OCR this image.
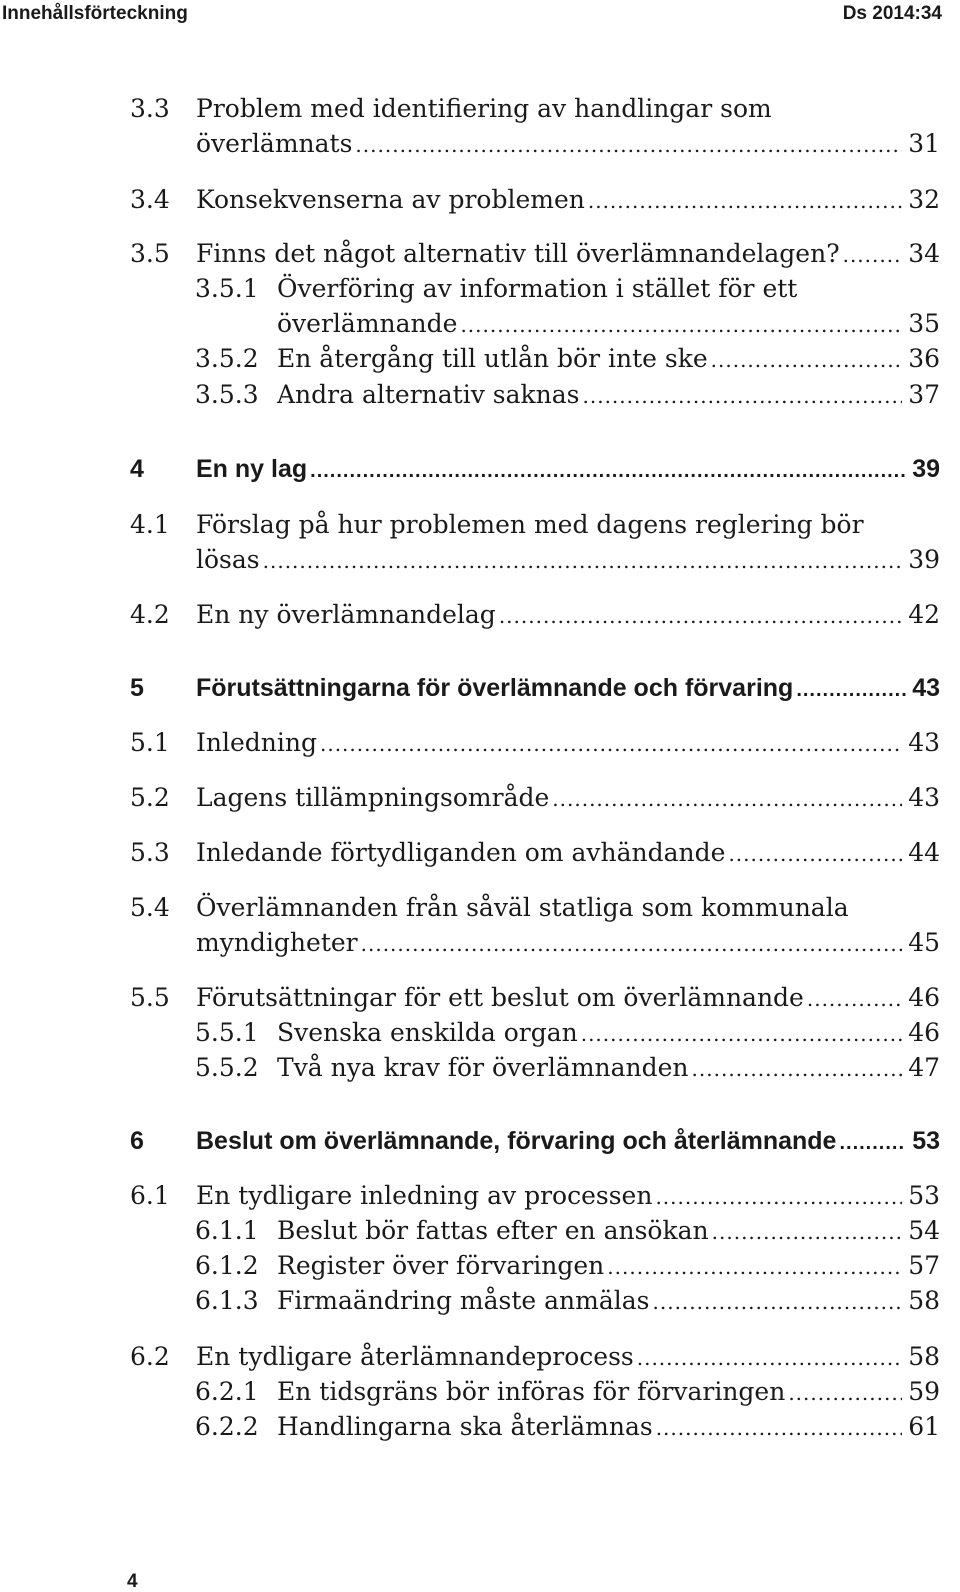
Innehållsförteckning	Ds 2014:34
3.3 Problem med identifiering av handlingar som
överlämnats .....	31
3.4 Konsekvenserna av problemen .....	32
3.5 Finns det något alternativ till överlämnandelagen? .....	34
3.5.1 Överföring av information i stället för ett
överlämnande .....	35
3.5.2 En återgång till utlån bör inte ske .....	36
3.5.3 Andra alternativ saknas .....	37
4 En ny lag .....	39
4.1 Förslag på hur problemen med dagens reglering bör
lösas .....	39
4.2 En ny överlämnandelag .....	42
5 Förutsättningarna för överlämnande och förvaring .....	43
5.1 Inledning .....	43
5.2 Lagens tillämpningsområde .....	43
5.3 Inledande förtydliganden om avhändande .....	44
5.4 Överlämnanden från såväl statliga som kommunala
myndigheter .....	45
5.5 Förutsättningar för ett beslut om överlämnande .....	46
5.5.1 Svenska enskilda organ .....	46
5.5.2 Två nya krav för överlämnanden .....	47
6 Beslut om överlämnande, förvaring och återlämnande .....	53
6.1 En tydligare inledning av processen .....	53
6.1.1 Beslut bör fattas efter en ansökan .....	54
6.1.2 Register över förvaringen .....	57
6.1.3 Firmaändring måste anmälas .....	58
6.2 En tydligare återlämnandeprocess .....	58
6.2.1 En tidsgräns bör införas för förvaringen .....	59
6.2.2 Handlingarna ska återlämnas .....	61
4
